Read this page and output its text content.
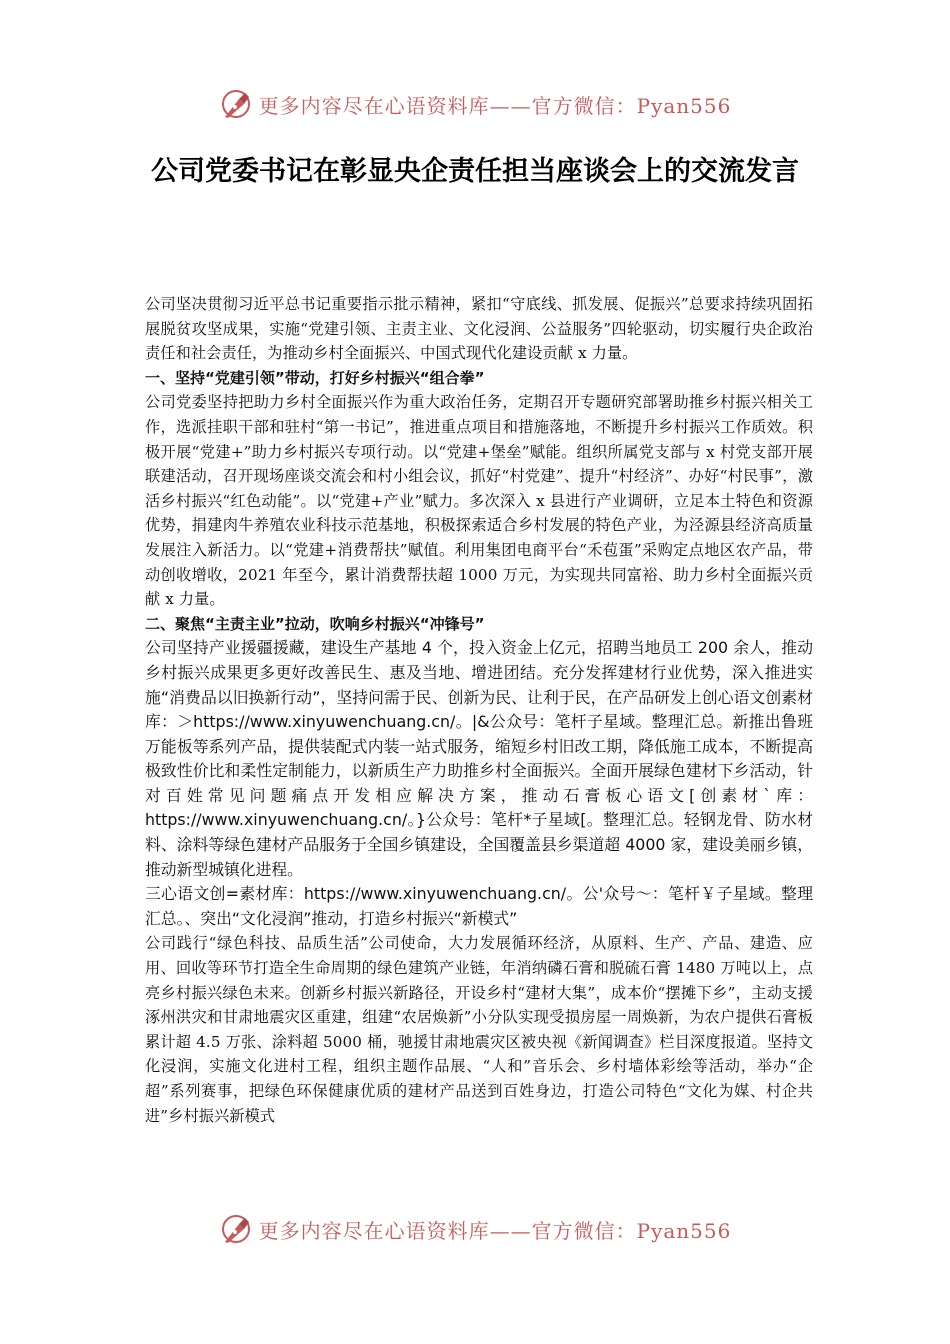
更多内容尽在心语资料库——官方微信：Pyan556
公司党委书记在彰显央企责任担当座谈会上的交流发言

公司坚决贯彻习近平总书记重要指示批示精神，紧扣“守底线、抓发展、促振兴”总要求持续巩固拓展脱贫攻坚成果，实施“党建引领、主责主业、文化浸润、公益服务”四轮驱动，切实履行央企政治责任和社会责任，为推动乡村全面振兴、中国式现代化建设贡献 x 力量。

一、坚持“党建引领”带动，打好乡村振兴“组合拳”

公司党委坚持把助力乡村全面振兴作为重大政治任务，定期召开专题研究部署助推乡村振兴相关工作，选派挂职干部和驻村“第一书记”，推进重点项目和措施落地，不断提升乡村振兴工作质效。积极开展“党建+”助力乡村振兴专项行动。以“党建+堡垒”赋能。组织所属党支部与 x 村党支部开展联建活动，召开现场座谈交流会和村小组会议，抓好“村党建”、提升“村经济”、办好“村民事”，激活乡村振兴“红色动能”。以“党建+产业”赋力。多次深入 x 县进行产业调研，立足本土特色和资源优势，捐建肉牛养殖农业科技示范基地，积极探索适合乡村发展的特色产业，为泾源县经济高质量发展注入新活力。以“党建+消费帮扶”赋值。利用集团电商平台“禾苞蛋”采购定点地区农产品，带动创收增收，2021 年至今，累计消费帮扶超 1000 万元，为实现共同富裕、助力乡村全面振兴贡献 x 力量。

二、聚焦“主责主业”拉动，吹响乡村振兴“冲锋号”

公司坚持产业援疆援藏，建设生产基地 4 个，投入资金上亿元，招聘当地员工 200 余人，推动乡村振兴成果更多更好改善民生、惠及当地、增进团结。充分发挥建材行业优势，深入推进实施“消费品以旧换新行动”，坚持问需于民、创新为民、让利于民，在产品研发上创心语文创素材库：＞https://www.xinyuwenchuang.cn/。|&公众号：笔杆子星域。整理汇总。新推出鲁班万能板等系列产品，提供装配式内装一站式服务，缩短乡村旧改工期，降低施工成本，不断提高极致性价比和柔性定制能力，以新质生产力助推乡村全面振兴。全面开展绿色建材下乡活动，针对百姓常见问题痛点开发相应解决方案，推动石膏板心语文[创素材`库：https://www.xinyuwenchuang.cn/。}公众号：笔杆*子星域[。整理汇总。轻钢龙骨、防水材料、涂料等绿色建材产品服务于全国乡镇建设，全国覆盖县乡渠道超 4000 家，建设美丽乡镇，推动新型城镇化进程。

三心语文创=素材库：https://www.xinyuwenchuang.cn/。公'众号～：笔杆￥子星域。整理汇总。、突出“文化浸润”推动，打造乡村振兴“新模式”

公司践行“绿色科技、品质生活”公司使命，大力发展循环经济，从原料、生产、产品、建造、应用、回收等环节打造全生命周期的绿色建筑产业链，年消纳磷石膏和脱硫石膏 1480 万吨以上，点亮乡村振兴绿色未来。创新乡村振兴新路径，开设乡村“建材大集”，成本价“摆摊下乡”，主动支援涿州洪灾和甘肃地震灾区重建，组建“农居焕新”小分队实现受损房屋一周焕新，为农户提供石膏板累计超 4.5 万张、涂料超 5000 桶，驰援甘肃地震灾区被央视《新闻调查》栏目深度报道。坚持文化浸润，实施文化进村工程，组织主题作品展、“人和”音乐会、乡村墙体彩绘等活动，举办“企超”系列赛事，把绿色环保健康优质的建材产品送到百姓身边，打造公司特色“文化为媒、村企共进”乡村振兴新模式

更多内容尽在心语资料库——官方微信：Pyan556
